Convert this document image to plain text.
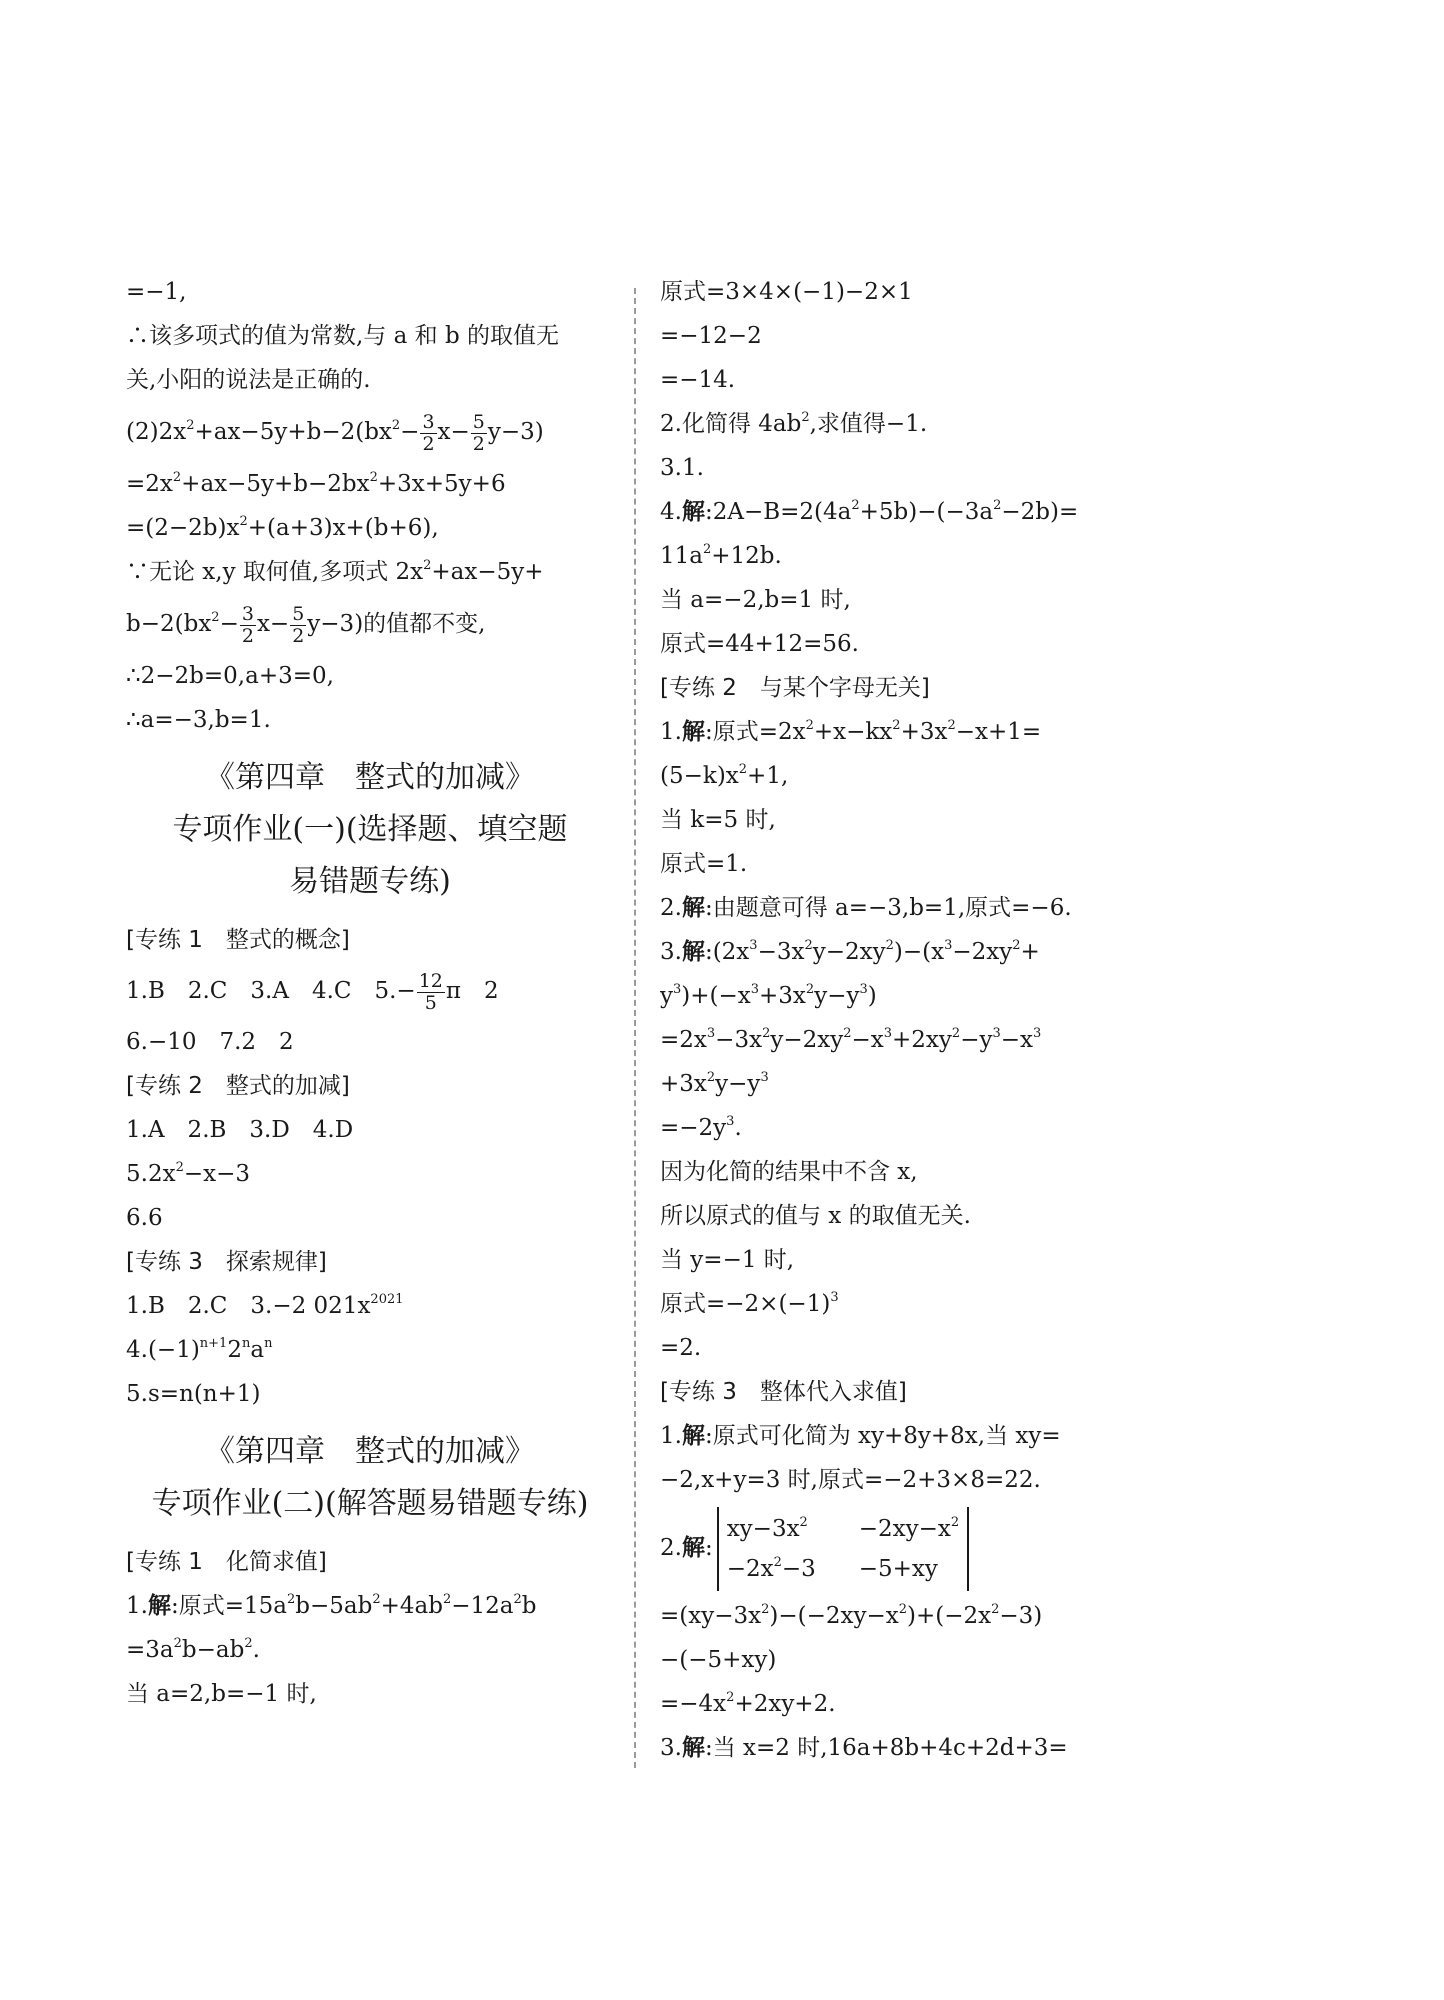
=−1,
∴该多项式的值为常数,与 a 和 b 的取值无
关,小阳的说法是正确的.
$(2)2x^2+ax-5y+b-2(bx^2- \frac{3}{2} x- \frac{5}{2} y-3)$
$=2x^2+ax-5y+b-2bx^2+3x+5y+6$
$=(2-2b)x^2+(a+3)x+(b+6)$,
∵无论 x,y 取何值,多项式 $2x^2+ax-5y+$
$b-2(bx^2- \frac{3}{2} x- \frac{5}{2} y-3)$的值都不变,
∴2−2b=0,a+3=0,
∴a=−3,b=1.
《第四章　整式的加减》
专项作业(一)(选择题、填空题
易错题专练)
[专练 1　整式的概念]
1.B　2.C　3.A　4.C　$5.- \frac{12}{5}$ π　2
6.−10　7.2　2
[专练 2　整式的加减]
1.A　2.B　3.D　4.D
$5.2x^2-x-3$
6.6
[专练 3　探索规律]
1.B　2.C　3.−2 $021x^{2021}$
$4.(-1)^{n+1}2^na^n$
5.s=n(n+1)
《第四章　整式的加减》
专项作业(二)(解答题易错题专练)
[专练 1　化简求值]
1.解:原式$=15a^2b-5ab^2+4ab^2-12a^2b$
$=3a^2b-ab^2$.
当 a=2,b=−1 时,
原式=3×4×(−1)−2×1
=−12−2
=−14.
2.化简得 $4ab^2$,求值得−1.
3.1.
4.解$:2A-B=2(4a^2+5b)-(-3a^2-2b)=$
$11a^2+12b$.
当 a=−2,b=1 时,
原式=44+12=56.
[专练 2　与某个字母无关]
1.解:原式$=2x^2+x-kx^2+3x^2-x+1=$
$(5-k)x^2+1$,
当 k=5 时,
原式=1.
2.解:由题意可得 a=−3,b=1,原式=−6.
3.解$:(2x^3-3x^2y-2xy^2)-(x^3-2xy^2+$
$y^3)+(-x^3+3x^2y-y^3)$
$=2x^3-3x^2y-2xy^2-x^3+2xy^2-y^3-x^3$
$+3x^2y-y^3$
$=-2y^3$.
因为化简的结果中不含 x,
所以原式的值与 x 的取值无关.
当 y=−1 时,
原式$=-2\times(-1)^3$
=2.
[专练 3　整体代入求值]
1.解:原式可化简为 xy+8y+8x,当 xy=
−2,x+y=3 时,原式=−2+3×8=22.
2.解:
$xy-3x^2 -2xy-x^2$
$-2x^2-3 -5+xy$
$=(xy-3x^2)-(-2xy-x^2)+(-2x^2-3)$
−(−5+xy)
$=-4x^2+2xy+2$.
3.解:当 x=2 时,16a+8b+4c+2d+3=
